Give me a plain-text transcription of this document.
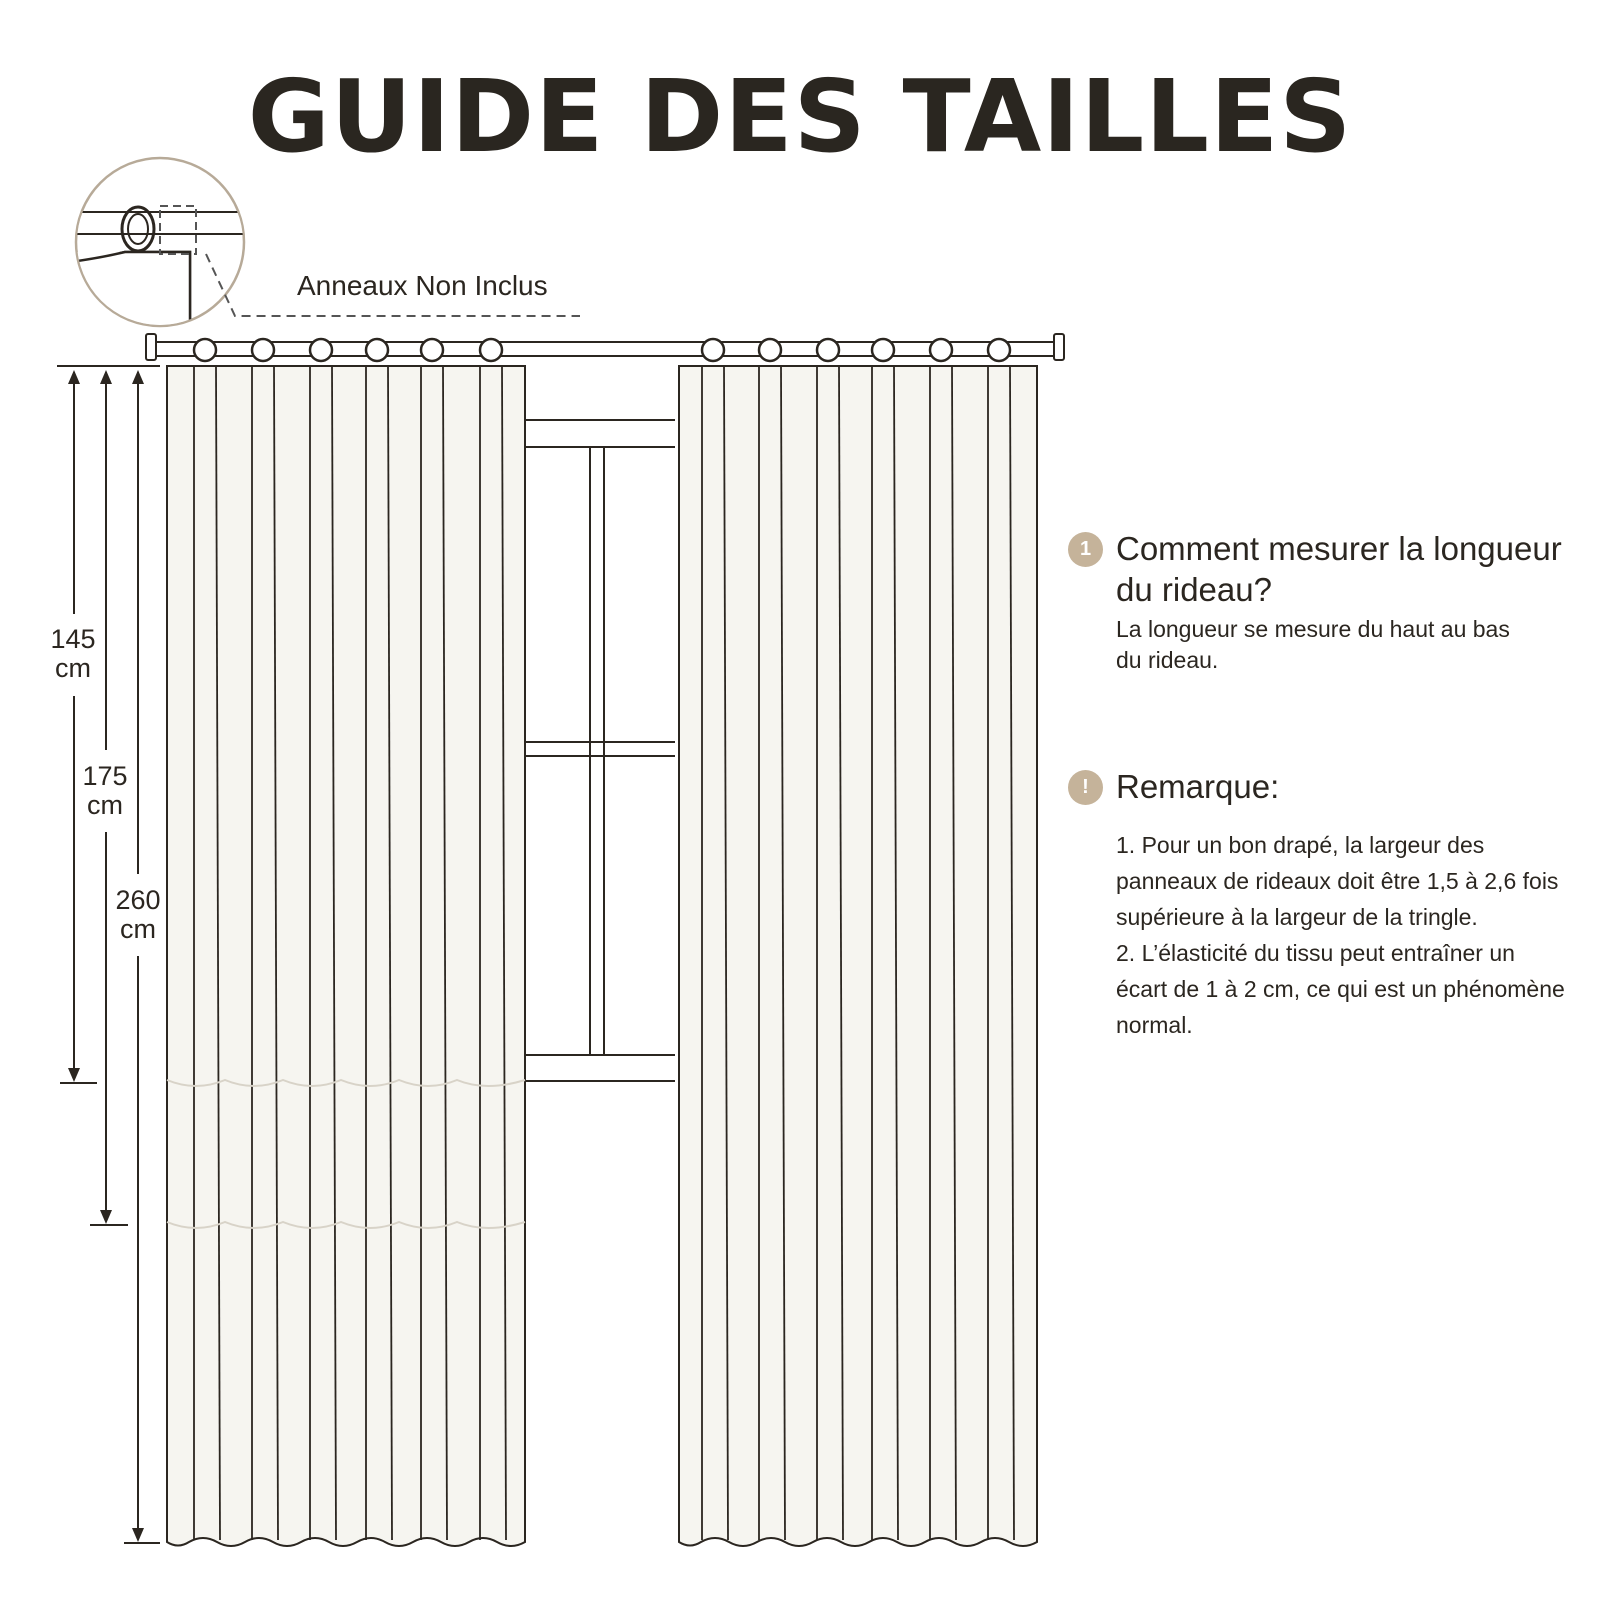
GUIDE DES TAILLES
Anneaux Non Inclus
145
cm
175
cm
260
cm
1 Comment mesurer la longueur du rideau?
La longueur se mesure du haut au bas du rideau.
! Remarque:
1. Pour un bon drapé, la largeur des panneaux de rideaux doit être 1,5 à 2,6 fois supérieure à la largeur de la tringle.
2. L’élasticité du tissu peut entraîner un écart de 1 à 2 cm, ce qui est un phénomène normal.
